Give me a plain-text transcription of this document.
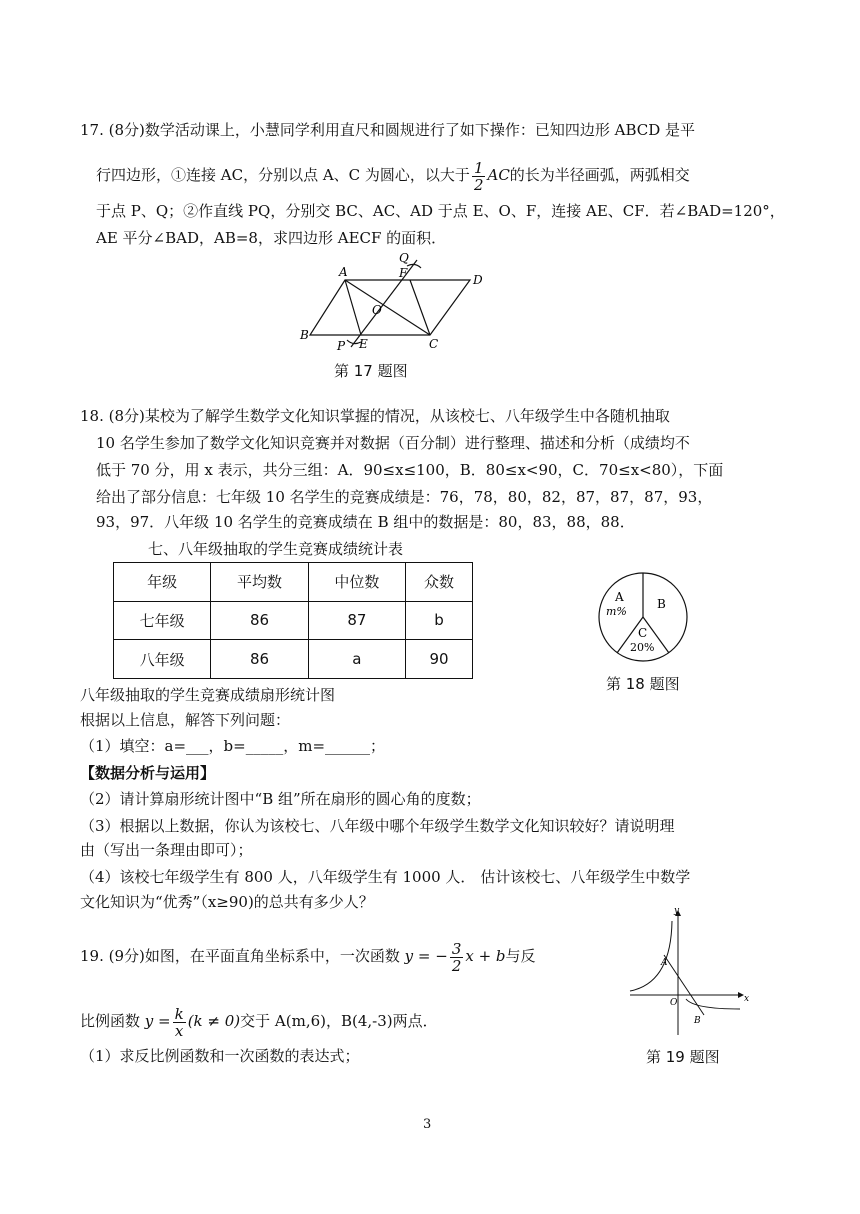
17. (8分)数学活动课上，小慧同学利用直尺和圆规进行了如下操作：已知四边形 ABCD 是平
行四边形，①连接 AC，分别以点 A、C 为圆心，以大于 $\frac{1}{2}$ AC的长为半径画弧，两弧相交
于点 P、Q；②作直线 PQ，分别交 BC、AC、AD 于点 E、O、F，连接 AE、CF．若∠BAD=120°，
AE 平分∠BAD，AB=8，求四边形 AECF 的面积．
A
B
C
D
E
F
O
P
Q
第 17 题图
18. (8分)某校为了解学生数学文化知识掌握的情况，从该校七、八年级学生中各随机抽取
10 名学生参加了数学文化知识竞赛并对数据（百分制）进行整理、描述和分析（成绩均不
低于 70 分，用 x 表示，共分三组：A．90≤x≤100，B．80≤x<90，C．70≤x<80），下面
给出了部分信息：七年级 10 名学生的竞赛成绩是：76，78，80，82，87，87，87，93，
93，97．八年级 10 名学生的竞赛成绩在 B 组中的数据是：80，83，88，88．
七、八年级抽取的学生竞赛成绩统计表
年级	平均数	中位数	众数
七年级	86	87	b
八年级	86	a	90
A
m%
B
C
20%
第 18 题图
八年级抽取的学生竞赛成绩扇形统计图
根据以上信息，解答下列问题：
（1）填空：a=___，b=_____，m=______；
【数据分析与运用】
（2）请计算扇形统计图中“B 组”所在扇形的圆心角的度数；
（3）根据以上数据，你认为该校七、八年级中哪个年级学生数学文化知识较好？请说明理
由（写出一条理由即可）；
（4）该校七年级学生有 800 人，八年级学生有 1000 人． 估计该校七、八年级学生中数学
文化知识为“优秀”（x≥90)的总共有多少人？
19. (9分)如图，在平面直角坐标系中，一次函数 y = − $\frac{3}{2}$ x + b与反
比例函数 $y = \frac{k}{x} (k \ne 0)$交于 A(m,6)，B(4,-3)两点．
（1）求反比例函数和一次函数的表达式；
y
x
O
A
B
第 19 题图
3
